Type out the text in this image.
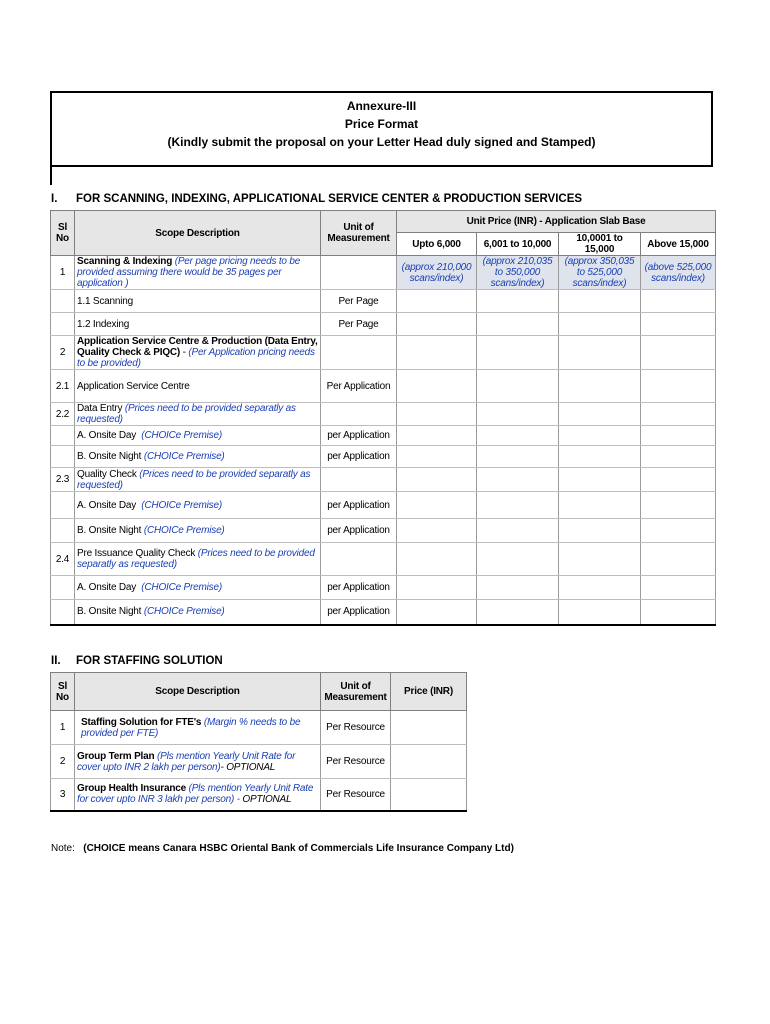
Annexure-III
Price Format
(Kindly submit the proposal on your Letter Head duly signed and Stamped)
I. FOR SCANNING, INDEXING, APPLICATIONAL SERVICE CENTER & PRODUCTION SERVICES
Sl No	Scope Description	Unit of Measurement	Unit Price (INR) - Application Slab Base			
			Upto 6,000	6,001 to 10,000	10,0001 to 15,000	Above 15,000
1	Scanning & Indexing (Per page pricing needs to be provided assuming there would be 35 pages per application )		(approx 210,000 scans/index)	(approx 210,035 to 350,000 scans/index)	(approx 350,035 to 525,000 scans/index)	(above 525,000 scans/index)
	1.1 Scanning	Per Page				
	1.2 Indexing	Per Page				
2	Application Service Centre & Production (Data Entry, Quality Check & PIQC) - (Per Application pricing needs to be provided)					
2.1	Application Service Centre	Per Application				
2.2	Data Entry (Prices need to be provided separatly as requested)					
	A. Onsite Day (CHOICe Premise)	per Application				
	B. Onsite Night (CHOICe Premise)	per Application				
2.3	Quality Check (Prices need to be provided separatly as requested)					
	A. Onsite Day (CHOICe Premise)	per Application				
	B. Onsite Night (CHOICe Premise)	per Application				
2.4	Pre Issuance Quality Check (Prices need to be provided separatly as requested)					
	A. Onsite Day (CHOICe Premise)	per Application				
	B. Onsite Night (CHOICe Premise)	per Application				
II. FOR STAFFING SOLUTION
Sl No	Scope Description	Unit of Measurement	Price (INR)
1	Staffing Solution for FTE's (Margin % needs to be provided per FTE)	Per Resource	
2	Group Term Plan (Pls mention Yearly Unit Rate for cover upto INR 2 lakh per person)- OPTIONAL	Per Resource	
3	Group Health Insurance (Pls mention Yearly Unit Rate for cover upto INR 3 lakh per person) - OPTIONAL	Per Resource	
Note: (CHOICE means Canara HSBC Oriental Bank of Commercials Life Insurance Company Ltd)
